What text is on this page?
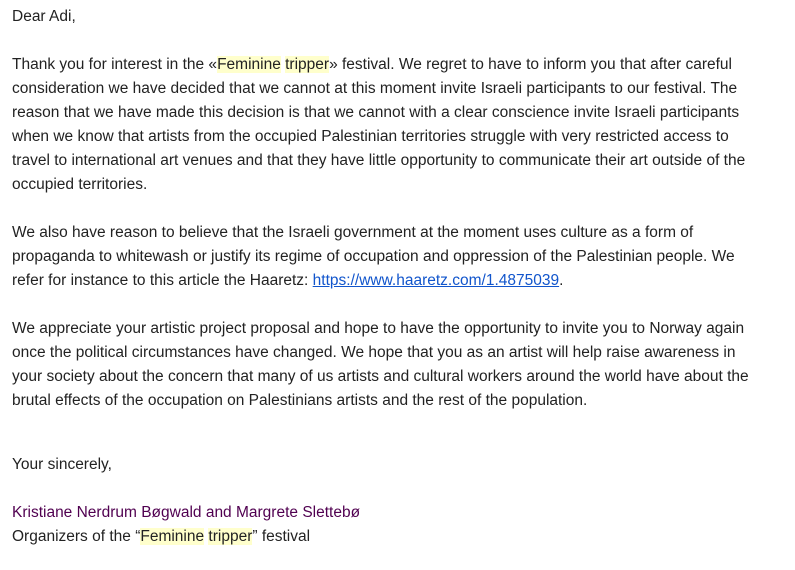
Dear Adi,
Thank you for interest in the «Feminine tripper» festival. We regret to have to inform you that after careful
consideration we have decided that we cannot at this moment invite Israeli participants to our festival. The
reason that we have made this decision is that we cannot with a clear conscience invite Israeli participants
when we know that artists from the occupied Palestinian territories struggle with very restricted access to
travel to international art venues and that they have little opportunity to communicate their art outside of the
occupied territories.
We also have reason to believe that the Israeli government at the moment uses culture as a form of
propaganda to whitewash or justify its regime of occupation and oppression of the Palestinian people. We
refer for instance to this article the Haaretz: https://www.haaretz.com/1.4875039.
We appreciate your artistic project proposal and hope to have the opportunity to invite you to Norway again
once the political circumstances have changed. We hope that you as an artist will help raise awareness in
your society about the concern that many of us artists and cultural workers around the world have about the
brutal effects of the occupation on Palestinians artists and the rest of the population.
Your sincerely,
Kristiane Nerdrum Bøgwald and Margrete Slettebø
Organizers of the “Feminine tripper” festival
